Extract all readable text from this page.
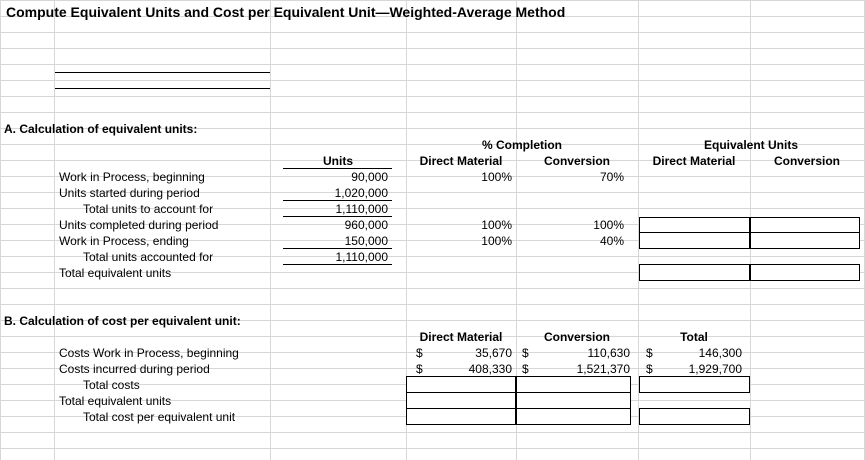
Compute Equivalent Units and Cost per Equivalent Unit—Weighted-Average Method
A. Calculation of equivalent units:
% Completion	Equivalent Units
Units	Direct Material	Conversion	Direct Material	Conversion
Work in Process, beginning	90,000	100%	70%
Units started during period	1,020,000
Total units to account for	1,110,000
Units completed during period	960,000	100%	100%
Work in Process, ending	150,000	100%	40%
Total units accounted for	1,110,000
Total equivalent units
B. Calculation of cost per equivalent unit:
Direct Material	Conversion	Total
Costs Work in Process, beginning	$	35,670 $	110,630 $	146,300
Costs incurred during period	$	408,330 $	1,521,370 $	1,929,700
Total costs
Total equivalent units
Total cost per equivalent unit
